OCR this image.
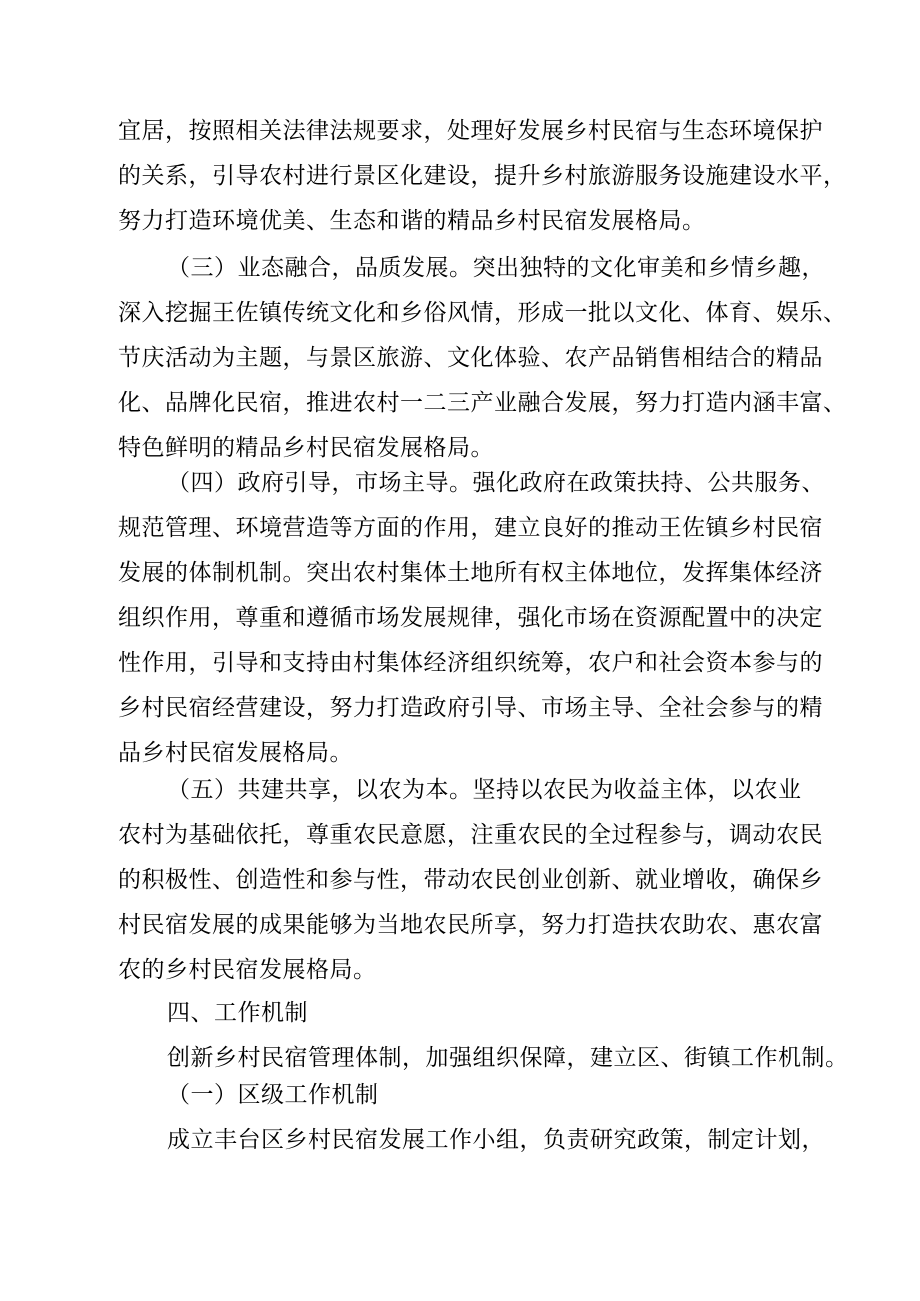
宜居，按照相关法律法规要求，处理好发展乡村民宿与生态环境保护
的关系，引导农村进行景区化建设，提升乡村旅游服务设施建设水平，
努力打造环境优美、生态和谐的精品乡村民宿发展格局。
（三）业态融合，品质发展。突出独特的文化审美和乡情乡趣，
深入挖掘王佐镇传统文化和乡俗风情，形成一批以文化、体育、娱乐、
节庆活动为主题，与景区旅游、文化体验、农产品销售相结合的精品
化、品牌化民宿，推进农村一二三产业融合发展，努力打造内涵丰富、
特色鲜明的精品乡村民宿发展格局。
（四）政府引导，市场主导。强化政府在政策扶持、公共服务、
规范管理、环境营造等方面的作用，建立良好的推动王佐镇乡村民宿
发展的体制机制。突出农村集体土地所有权主体地位，发挥集体经济
组织作用，尊重和遵循市场发展规律，强化市场在资源配置中的决定
性作用，引导和支持由村集体经济组织统筹，农户和社会资本参与的
乡村民宿经营建设，努力打造政府引导、市场主导、全社会参与的精
品乡村民宿发展格局。
（五）共建共享，以农为本。坚持以农民为收益主体，以农业
农村为基础依托，尊重农民意愿，注重农民的全过程参与，调动农民
的积极性、创造性和参与性，带动农民创业创新、就业增收，确保乡
村民宿发展的成果能够为当地农民所享，努力打造扶农助农、惠农富
农的乡村民宿发展格局。
四、工作机制
创新乡村民宿管理体制，加强组织保障，建立区、街镇工作机制。
（一）区级工作机制
成立丰台区乡村民宿发展工作小组，负责研究政策，制定计划，
